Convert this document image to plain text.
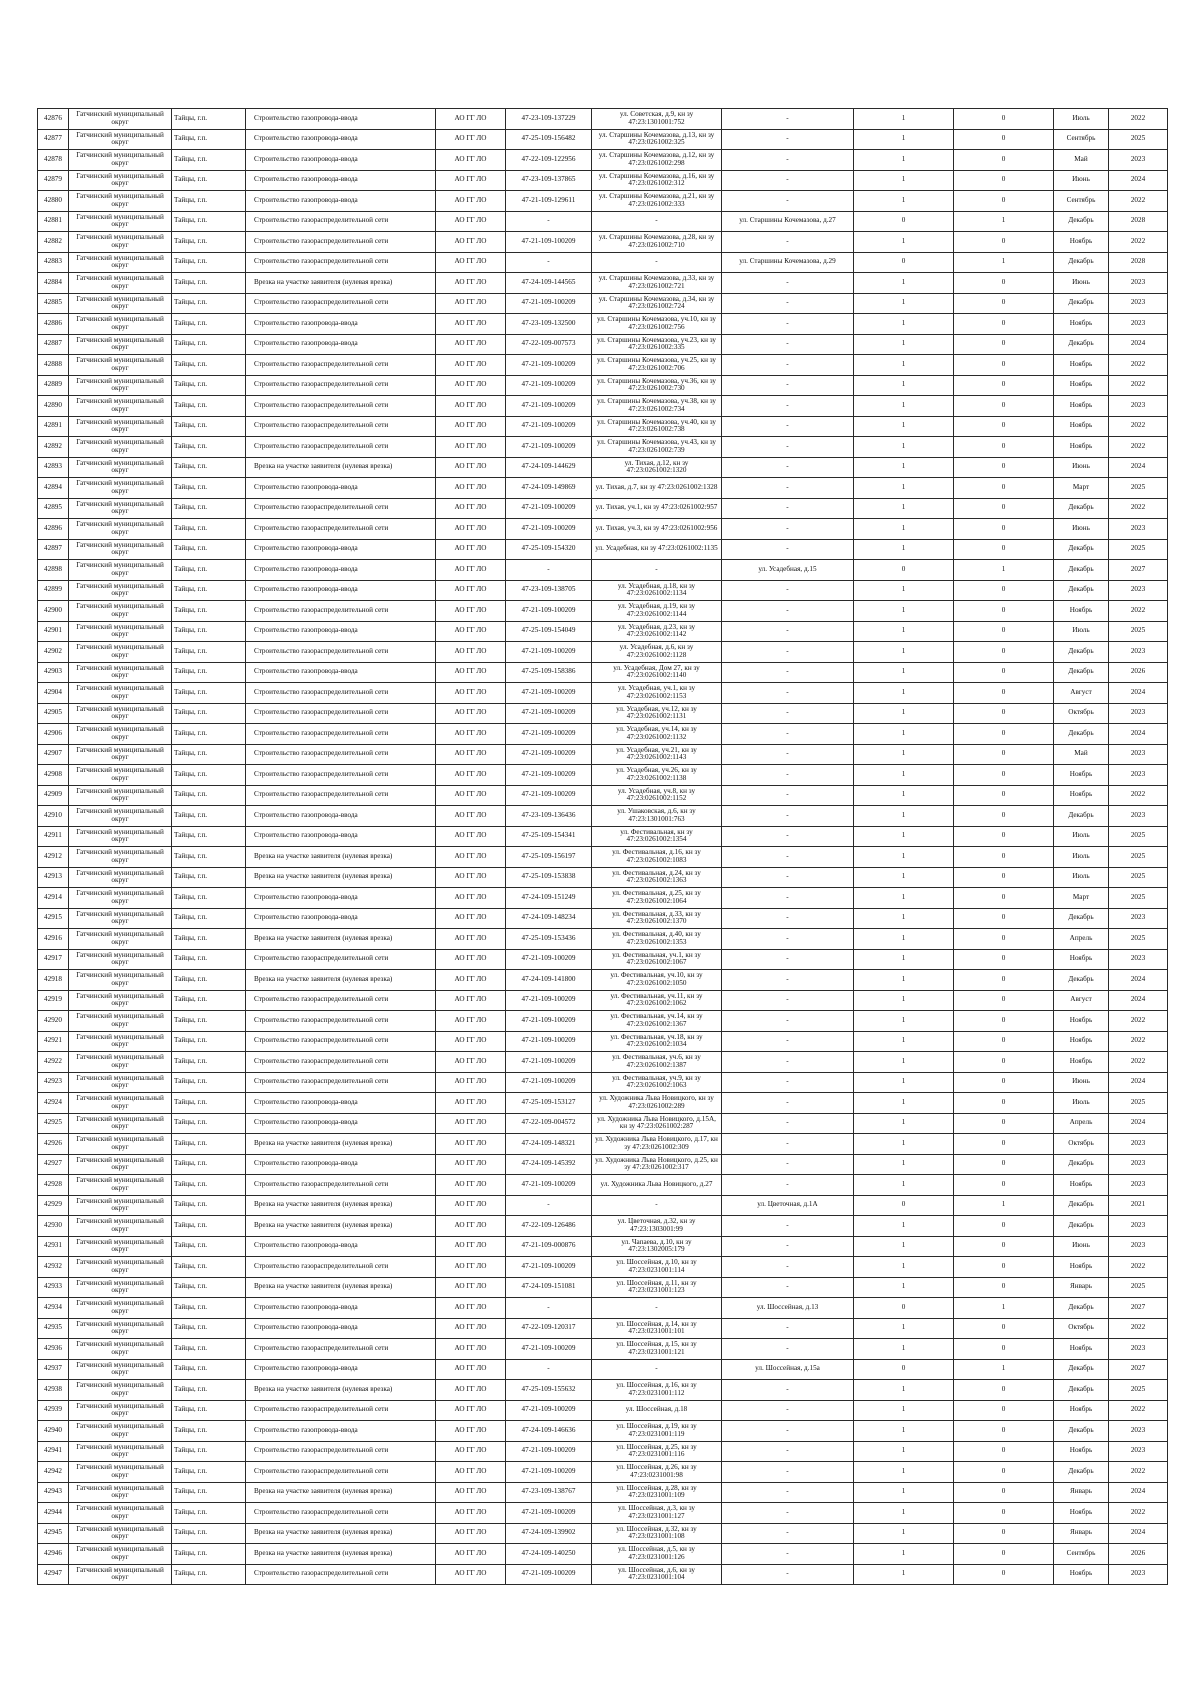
42876	Гатчинский муниципальный округ	Тайцы, г.п.	Строительство газопровода-ввода	АО ГГ ЛО	47-23-109-137229	ул. Советская, д.9, кн зу 47:23:1301001:752	-	1	0	Июль	2022
42877	Гатчинский муниципальный округ	Тайцы, г.п.	Строительство газопровода-ввода	АО ГГ ЛО	47-25-109-156482	ул. Старшины Кочемазова, д.13, кн зу 47:23:0261002:325	-	1	0	Сентябрь	2025
42878	Гатчинский муниципальный округ	Тайцы, г.п.	Строительство газопровода-ввода	АО ГГ ЛО	47-22-109-122956	ул. Старшины Кочемазова, д.12, кн зу 47:23:0261002:298	-	1	0	Май	2023
42879	Гатчинский муниципальный округ	Тайцы, г.п.	Строительство газопровода-ввода	АО ГГ ЛО	47-23-109-137865	ул. Старшины Кочемазова, д.16, кн зу 47:23:0261002:312	-	1	0	Июнь	2024
42880	Гатчинский муниципальный округ	Тайцы, г.п.	Строительство газопровода-ввода	АО ГГ ЛО	47-21-109-129611	ул. Старшины Кочемазова, д.21, кн зу 47:23:0261002:333	-	1	0	Сентябрь	2022
42881	Гатчинский муниципальный округ	Тайцы, г.п.	Строительство газораспределительной сети	АО ГГ ЛО	-	-	ул. Старшины Кочемазова, д.27	0	1	Декабрь	2028
42882	Гатчинский муниципальный округ	Тайцы, г.п.	Строительство газораспределительной сети	АО ГГ ЛО	47-21-109-100209	ул. Старшины Кочемазова, д.28, кн зу 47:23:0261002:710	-	1	0	Ноябрь	2022
42883	Гатчинский муниципальный округ	Тайцы, г.п.	Строительство газораспределительной сети	АО ГГ ЛО	-	-	ул. Старшины Кочемазова, д.29	0	1	Декабрь	2028
42884	Гатчинский муниципальный округ	Тайцы, г.п.	Врезка на участке заявителя (нулевая врезка)	АО ГГ ЛО	47-24-109-144565	ул. Старшины Кочемазова, д.33, кн зу 47:23:0261002:721	-	1	0	Июнь	2023
42885	Гатчинский муниципальный округ	Тайцы, г.п.	Строительство газораспределительной сети	АО ГГ ЛО	47-21-109-100209	ул. Старшины Кочемазова, д.34, кн зу 47:23:0261002:724	-	1	0	Декабрь	2023
42886	Гатчинский муниципальный округ	Тайцы, г.п.	Строительство газопровода-ввода	АО ГГ ЛО	47-23-109-132500	ул. Старшины Кочемазова, уч.10, кн зу 47:23:0261002:756	-	1	0	Ноябрь	2023
42887	Гатчинский муниципальный округ	Тайцы, г.п.	Строительство газопровода-ввода	АО ГГ ЛО	47-22-109-007573	ул. Старшины Кочемазова, уч.23, кн зу 47:23:0261002:335	-	1	0	Декабрь	2024
42888	Гатчинский муниципальный округ	Тайцы, г.п.	Строительство газораспределительной сети	АО ГГ ЛО	47-21-109-100209	ул. Старшины Кочемазова, уч.25, кн зу 47:23:0261002:706	-	1	0	Ноябрь	2022
42889	Гатчинский муниципальный округ	Тайцы, г.п.	Строительство газораспределительной сети	АО ГГ ЛО	47-21-109-100209	ул. Старшины Кочемазова, уч.36, кн зу 47:23:0261002:730	-	1	0	Ноябрь	2022
42890	Гатчинский муниципальный округ	Тайцы, г.п.	Строительство газораспределительной сети	АО ГГ ЛО	47-21-109-100209	ул. Старшины Кочемазова, уч.38, кн зу 47:23:0261002:734	-	1	0	Ноябрь	2023
42891	Гатчинский муниципальный округ	Тайцы, г.п.	Строительство газораспределительной сети	АО ГГ ЛО	47-21-109-100209	ул. Старшины Кочемазова, уч.40, кн зу 47:23:0261002:738	-	1	0	Ноябрь	2022
42892	Гатчинский муниципальный округ	Тайцы, г.п.	Строительство газораспределительной сети	АО ГГ ЛО	47-21-109-100209	ул. Старшины Кочемазова, уч.43, кн зу 47:23:0261002:739	-	1	0	Ноябрь	2022
42893	Гатчинский муниципальный округ	Тайцы, г.п.	Врезка на участке заявителя (нулевая врезка)	АО ГГ ЛО	47-24-109-144629	ул. Тихая, д.12, кн зу 47:23:0261002:1320	-	1	0	Июнь	2024
42894	Гатчинский муниципальный округ	Тайцы, г.п.	Строительство газопровода-ввода	АО ГГ ЛО	47-24-109-149869	ул. Тихая, д.7, кн зу 47:23:0261002:1328	-	1	0	Март	2025
42895	Гатчинский муниципальный округ	Тайцы, г.п.	Строительство газораспределительной сети	АО ГГ ЛО	47-21-109-100209	ул. Тихая, уч.1, кн зу 47:23:0261002:957	-	1	0	Декабрь	2022
42896	Гатчинский муниципальный округ	Тайцы, г.п.	Строительство газораспределительной сети	АО ГГ ЛО	47-21-109-100209	ул. Тихая, уч.3, кн зу 47:23:0261002:956	-	1	0	Июнь	2023
42897	Гатчинский муниципальный округ	Тайцы, г.п.	Строительство газопровода-ввода	АО ГГ ЛО	47-25-109-154320	ул. Усадебная, кн зу 47:23:0261002:1135	-	1	0	Декабрь	2025
42898	Гатчинский муниципальный округ	Тайцы, г.п.	Строительство газопровода-ввода	АО ГГ ЛО	-	-	ул. Усадебная, д.15	0	1	Декабрь	2027
42899	Гатчинский муниципальный округ	Тайцы, г.п.	Строительство газопровода-ввода	АО ГГ ЛО	47-23-109-138705	ул. Усадебная, д.18, кн зу 47:23:0261002:1134	-	1	0	Декабрь	2023
42900	Гатчинский муниципальный округ	Тайцы, г.п.	Строительство газораспределительной сети	АО ГГ ЛО	47-21-109-100209	ул. Усадебная, д.19, кн зу 47:23:0261002:1144	-	1	0	Ноябрь	2022
42901	Гатчинский муниципальный округ	Тайцы, г.п.	Строительство газопровода-ввода	АО ГГ ЛО	47-25-109-154049	ул. Усадебная, д.23, кн зу 47:23:0261002:1142	-	1	0	Июль	2025
42902	Гатчинский муниципальный округ	Тайцы, г.п.	Строительство газораспределительной сети	АО ГГ ЛО	47-21-109-100209	ул. Усадебная, д.6, кн зу 47:23:0261002:1128	-	1	0	Декабрь	2023
42903	Гатчинский муниципальный округ	Тайцы, г.п.	Строительство газопровода-ввода	АО ГГ ЛО	47-25-109-158386	ул. Усадебная, Дом 27, кн зу 47:23:0261002:1140	-	1	0	Декабрь	2026
42904	Гатчинский муниципальный округ	Тайцы, г.п.	Строительство газораспределительной сети	АО ГГ ЛО	47-21-109-100209	ул. Усадебная, уч.1, кн зу 47:23:0261002:1153	-	1	0	Август	2024
42905	Гатчинский муниципальный округ	Тайцы, г.п.	Строительство газораспределительной сети	АО ГГ ЛО	47-21-109-100209	ул. Усадебная, уч.12, кн зу 47:23:0261002:1131	-	1	0	Октябрь	2023
42906	Гатчинский муниципальный округ	Тайцы, г.п.	Строительство газораспределительной сети	АО ГГ ЛО	47-21-109-100209	ул. Усадебная, уч.14, кн зу 47:23:0261002:1132	-	1	0	Декабрь	2024
42907	Гатчинский муниципальный округ	Тайцы, г.п.	Строительство газораспределительной сети	АО ГГ ЛО	47-21-109-100209	ул. Усадебная, уч.21, кн зу 47:23:0261002:1143	-	1	0	Май	2023
42908	Гатчинский муниципальный округ	Тайцы, г.п.	Строительство газораспределительной сети	АО ГГ ЛО	47-21-109-100209	ул. Усадебная, уч.26, кн зу 47:23:0261002:1138	-	1	0	Ноябрь	2023
42909	Гатчинский муниципальный округ	Тайцы, г.п.	Строительство газораспределительной сети	АО ГГ ЛО	47-21-109-100209	ул. Усадебная, уч.8, кн зу 47:23:0261002:1152	-	1	0	Ноябрь	2022
42910	Гатчинский муниципальный округ	Тайцы, г.п.	Строительство газопровода-ввода	АО ГГ ЛО	47-23-109-136436	ул. Ушаковская, д.6, кн зу 47:23:1301001:763	-	1	0	Декабрь	2023
42911	Гатчинский муниципальный округ	Тайцы, г.п.	Строительство газопровода-ввода	АО ГГ ЛО	47-25-109-154341	ул. Фестивальная, кн зу 47:23:0261002:1354	-	1	0	Июль	2025
42912	Гатчинский муниципальный округ	Тайцы, г.п.	Врезка на участке заявителя (нулевая врезка)	АО ГГ ЛО	47-25-109-156197	ул. Фестивальная, д.16, кн зу 47:23:0261002:1083	-	1	0	Июль	2025
42913	Гатчинский муниципальный округ	Тайцы, г.п.	Врезка на участке заявителя (нулевая врезка)	АО ГГ ЛО	47-25-109-153838	ул. Фестивальная, д.24, кн зу 47:23:0261002:1363	-	1	0	Июль	2025
42914	Гатчинский муниципальный округ	Тайцы, г.п.	Строительство газопровода-ввода	АО ГГ ЛО	47-24-109-151249	ул. Фестивальная, д.25, кн зу 47:23:0261002:1064	-	1	0	Март	2025
42915	Гатчинский муниципальный округ	Тайцы, г.п.	Строительство газопровода-ввода	АО ГГ ЛО	47-24-109-148234	ул. Фестивальная, д.33, кн зу 47:23:0261002:1370	-	1	0	Декабрь	2023
42916	Гатчинский муниципальный округ	Тайцы, г.п.	Врезка на участке заявителя (нулевая врезка)	АО ГГ ЛО	47-25-109-153436	ул. Фестивальная, д.40, кн зу 47:23:0261002:1353	-	1	0	Апрель	2025
42917	Гатчинский муниципальный округ	Тайцы, г.п.	Строительство газораспределительной сети	АО ГГ ЛО	47-21-109-100209	ул. Фестивальная, уч.1, кн зу 47:23:0261002:1067	-	1	0	Ноябрь	2023
42918	Гатчинский муниципальный округ	Тайцы, г.п.	Врезка на участке заявителя (нулевая врезка)	АО ГГ ЛО	47-24-109-141800	ул. Фестивальная, уч.10, кн зу 47:23:0261002:1050	-	1	0	Декабрь	2024
42919	Гатчинский муниципальный округ	Тайцы, г.п.	Строительство газораспределительной сети	АО ГГ ЛО	47-21-109-100209	ул. Фестивальная, уч.11, кн зу 47:23:0261002:1062	-	1	0	Август	2024
42920	Гатчинский муниципальный округ	Тайцы, г.п.	Строительство газораспределительной сети	АО ГГ ЛО	47-21-109-100209	ул. Фестивальная, уч.14, кн зу 47:23:0261002:1367	-	1	0	Ноябрь	2022
42921	Гатчинский муниципальный округ	Тайцы, г.п.	Строительство газораспределительной сети	АО ГГ ЛО	47-21-109-100209	ул. Фестивальная, уч.18, кн зу 47:23:0261002:1034	-	1	0	Ноябрь	2022
42922	Гатчинский муниципальный округ	Тайцы, г.п.	Строительство газораспределительной сети	АО ГГ ЛО	47-21-109-100209	ул. Фестивальная, уч.6, кн зу 47:23:0261002:1387	-	1	0	Ноябрь	2022
42923	Гатчинский муниципальный округ	Тайцы, г.п.	Строительство газораспределительной сети	АО ГГ ЛО	47-21-109-100209	ул. Фестивальная, уч.9, кн зу 47:23:0261002:1063	-	1	0	Июнь	2024
42924	Гатчинский муниципальный округ	Тайцы, г.п.	Строительство газопровода-ввода	АО ГГ ЛО	47-25-109-153127	ул. Художника Льва Новицкого, кн зу 47:23:0261002:289	-	1	0	Июль	2025
42925	Гатчинский муниципальный округ	Тайцы, г.п.	Строительство газопровода-ввода	АО ГГ ЛО	47-22-109-004572	ул. Художника Льва Новицкого, д.15А, кн зу 47:23:0261002:287	-	1	0	Апрель	2024
42926	Гатчинский муниципальный округ	Тайцы, г.п.	Врезка на участке заявителя (нулевая врезка)	АО ГГ ЛО	47-24-109-148321	ул. Художника Льва Новицкого, д.17, кн зу 47:23:0261002:309	-	1	0	Октябрь	2023
42927	Гатчинский муниципальный округ	Тайцы, г.п.	Строительство газопровода-ввода	АО ГГ ЛО	47-24-109-145392	ул. Художника Льва Новицкого, д.25, кн зу 47:23:0261002:317	-	1	0	Декабрь	2023
42928	Гатчинский муниципальный округ	Тайцы, г.п.	Строительство газораспределительной сети	АО ГГ ЛО	47-21-109-100209	ул. Художника Льва Новицкого, д.27	-	1	0	Ноябрь	2023
42929	Гатчинский муниципальный округ	Тайцы, г.п.	Врезка на участке заявителя (нулевая врезка)	АО ГГ ЛО	-	-	ул. Цветочная, д.1А	0	1	Декабрь	2021
42930	Гатчинский муниципальный округ	Тайцы, г.п.	Врезка на участке заявителя (нулевая врезка)	АО ГГ ЛО	47-22-109-126486	ул. Цветочная, д.32, кн зу 47:23:1303001:99	-	1	0	Декабрь	2023
42931	Гатчинский муниципальный округ	Тайцы, г.п.	Строительство газопровода-ввода	АО ГГ ЛО	47-21-109-000876	ул. Чапаева, д.10, кн зу 47:23:1302005:179	-	1	0	Июнь	2023
42932	Гатчинский муниципальный округ	Тайцы, г.п.	Строительство газораспределительной сети	АО ГГ ЛО	47-21-109-100209	ул. Шоссейная, д.10, кн зу 47:23:0231001:114	-	1	0	Ноябрь	2022
42933	Гатчинский муниципальный округ	Тайцы, г.п.	Врезка на участке заявителя (нулевая врезка)	АО ГГ ЛО	47-24-109-151081	ул. Шоссейная, д.11, кн зу 47:23:0231001:123	-	1	0	Январь	2025
42934	Гатчинский муниципальный округ	Тайцы, г.п.	Строительство газопровода-ввода	АО ГГ ЛО	-	-	ул. Шоссейная, д.13	0	1	Декабрь	2027
42935	Гатчинский муниципальный округ	Тайцы, г.п.	Строительство газопровода-ввода	АО ГГ ЛО	47-22-109-120317	ул. Шоссейная, д.14, кн зу 47:23:0231001:101	-	1	0	Октябрь	2022
42936	Гатчинский муниципальный округ	Тайцы, г.п.	Строительство газораспределительной сети	АО ГГ ЛО	47-21-109-100209	ул. Шоссейная, д.15, кн зу 47:23:0231001:121	-	1	0	Ноябрь	2023
42937	Гатчинский муниципальный округ	Тайцы, г.п.	Строительство газопровода-ввода	АО ГГ ЛО	-	-	ул. Шоссейная, д.15а	0	1	Декабрь	2027
42938	Гатчинский муниципальный округ	Тайцы, г.п.	Врезка на участке заявителя (нулевая врезка)	АО ГГ ЛО	47-25-109-155632	ул. Шоссейная, д.16, кн зу 47:23:0231001:112	-	1	0	Декабрь	2025
42939	Гатчинский муниципальный округ	Тайцы, г.п.	Строительство газораспределительной сети	АО ГГ ЛО	47-21-109-100209	ул. Шоссейная, д.18	-	1	0	Ноябрь	2022
42940	Гатчинский муниципальный округ	Тайцы, г.п.	Строительство газопровода-ввода	АО ГГ ЛО	47-24-109-146636	ул. Шоссейная, д.19, кн зу 47:23:0231001:119	-	1	0	Декабрь	2023
42941	Гатчинский муниципальный округ	Тайцы, г.п.	Строительство газораспределительной сети	АО ГГ ЛО	47-21-109-100209	ул. Шоссейная, д.25, кн зу 47:23:0231001:116	-	1	0	Ноябрь	2023
42942	Гатчинский муниципальный округ	Тайцы, г.п.	Строительство газораспределительной сети	АО ГГ ЛО	47-21-109-100209	ул. Шоссейная, д.26, кн зу 47:23:0231001:98	-	1	0	Декабрь	2022
42943	Гатчинский муниципальный округ	Тайцы, г.п.	Врезка на участке заявителя (нулевая врезка)	АО ГГ ЛО	47-23-109-138767	ул. Шоссейная, д.28, кн зу 47:23:0231001:109	-	1	0	Январь	2024
42944	Гатчинский муниципальный округ	Тайцы, г.п.	Строительство газораспределительной сети	АО ГГ ЛО	47-21-109-100209	ул. Шоссейная, д.3, кн зу 47:23:0231001:127	-	1	0	Ноябрь	2022
42945	Гатчинский муниципальный округ	Тайцы, г.п.	Врезка на участке заявителя (нулевая врезка)	АО ГГ ЛО	47-24-109-139902	ул. Шоссейная, д.32, кн зу 47:23:0231001:108	-	1	0	Январь	2024
42946	Гатчинский муниципальный округ	Тайцы, г.п.	Врезка на участке заявителя (нулевая врезка)	АО ГГ ЛО	47-24-109-140250	ул. Шоссейная, д.5, кн зу 47:23:0231001:126	-	1	0	Сентябрь	2026
42947	Гатчинский муниципальный округ	Тайцы, г.п.	Строительство газораспределительной сети	АО ГГ ЛО	47-21-109-100209	ул. Шоссейная, д.6, кн зу 47:23:0231001:104	-	1	0	Ноябрь	2023
